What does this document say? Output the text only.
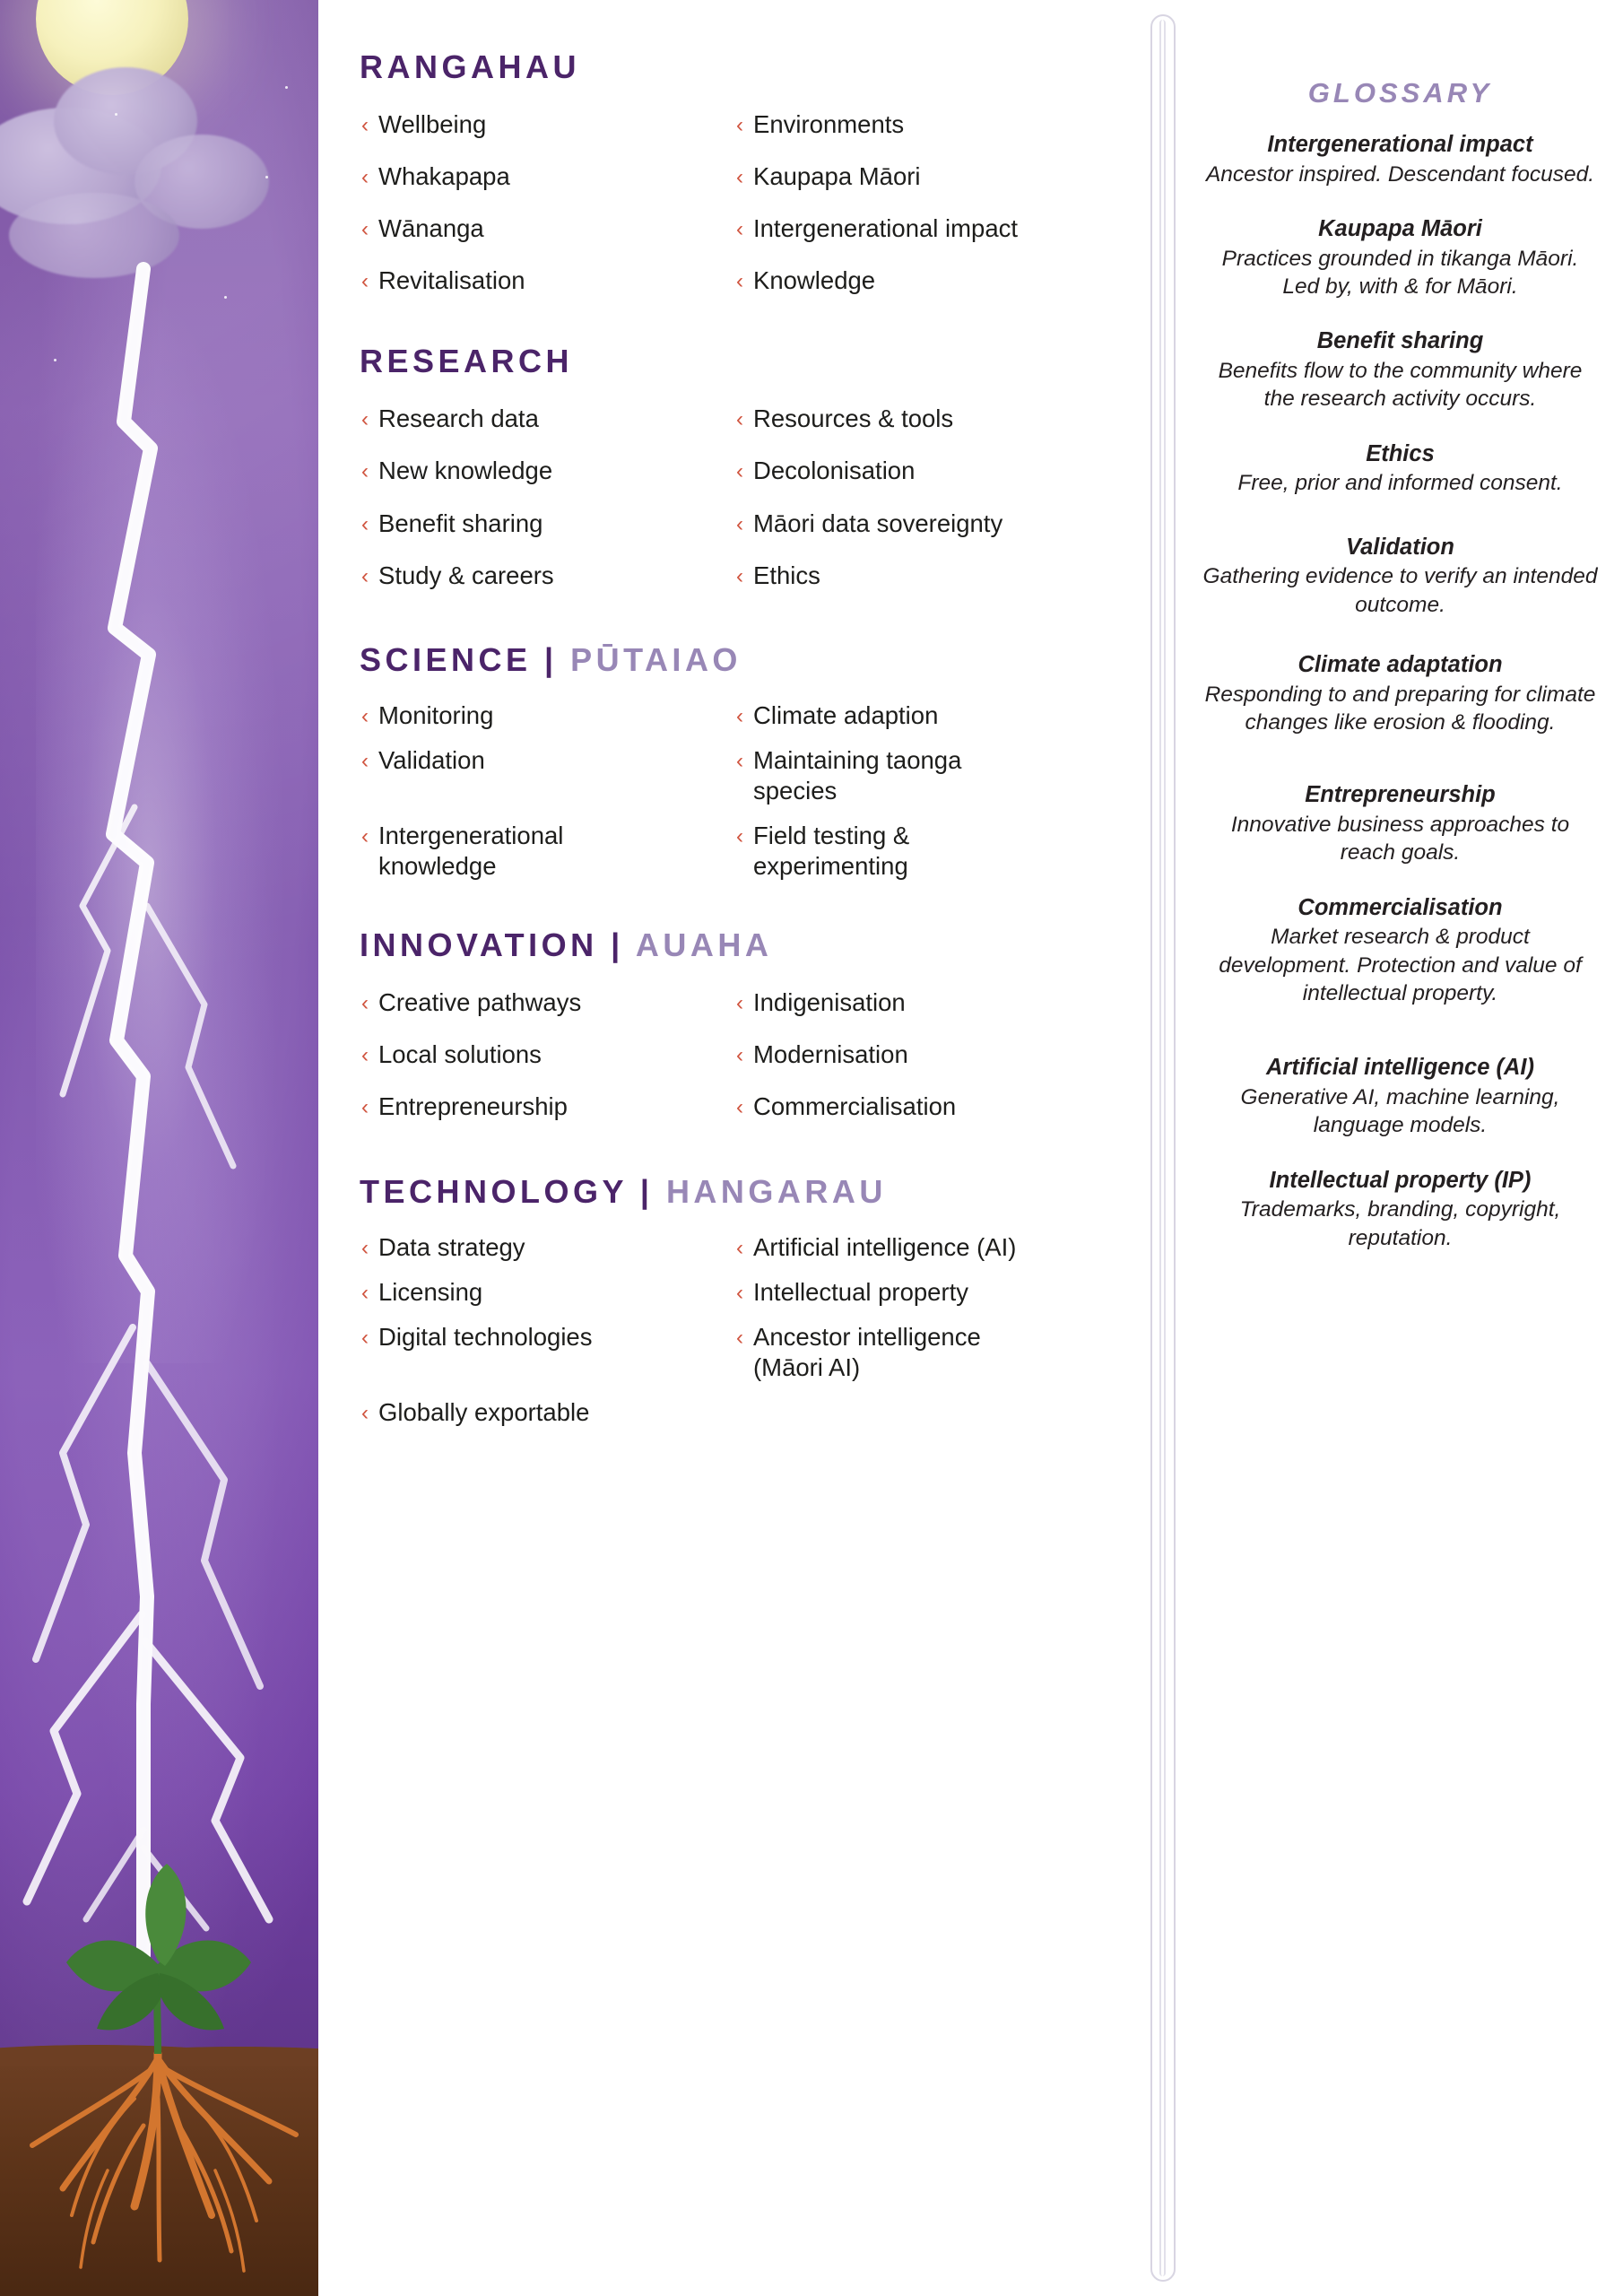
RANGAHAU
‹ Wellbeing	‹ Environments
‹ Whakapapa	‹ Kaupapa Māori
‹ Wānanga	‹ Intergenerational impact
‹ Revitalisation	‹ Knowledge
RESEARCH
‹ Research data	‹ Resources & tools
‹ New knowledge	‹ Decolonisation
‹ Benefit sharing	‹ Māori data sovereignty
‹ Study & careers	‹ Ethics
SCIENCE | PŪTAIAO
‹ Monitoring	‹ Climate adaption
‹ Validation	‹ Maintaining taonga species
‹ Intergenerational knowledge
‹ Field testing & experimenting
INNOVATION | AUAHA
‹ Creative pathways	‹ Indigenisation
‹ Local solutions	‹ Modernisation
‹ Entrepreneurship	‹ Commercialisation
TECHNOLOGY | HANGARAU
‹ Data strategy	‹ Artificial intelligence (AI)
‹ Licensing	‹ Intellectual property
‹ Digital technologies	‹ Ancestor intelligence (Māori AI)
‹ Globally exportable
GLOSSARY
Intergenerational impact
Ancestor inspired. Descendant focused.
Kaupapa Māori
Practices grounded in tikanga Māori. Led by, with & for Māori.
Benefit sharing
Benefits flow to the community where the research activity occurs.
Ethics
Free, prior and informed consent.
Validation
Gathering evidence to verify an intended outcome.
Climate adaptation
Responding to and preparing for climate changes like erosion & flooding.
Entrepreneurship
Innovative business approaches to reach goals.
Commercialisation
Market research & product development. Protection and value of intellectual property.
Artificial intelligence (AI)
Generative AI, machine learning, language models.
Intellectual property (IP)
Trademarks, branding, copyright, reputation.
